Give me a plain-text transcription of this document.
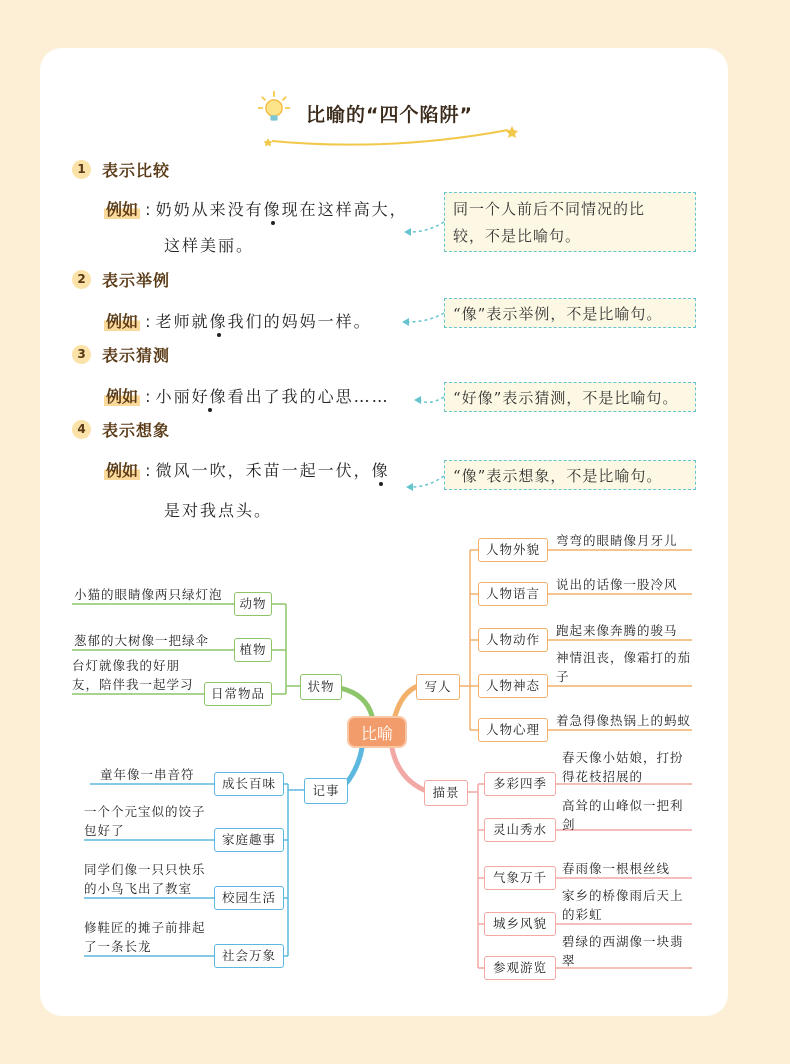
比喻的“四个陷阱”
1	表示比较
例如 : 奶奶从来没有像现在这样高大，
这样美丽。
同一个人前后不同情况的比
较，不是比喻句。
2	表示举例
例如 : 老师就像我们的妈妈一样。	“像”表示举例，不是比喻句。
3	表示猜测
例如 : 小丽好像看出了我的心思……	“好像”表示猜测，不是比喻句。
4	表示想象
例如 : 微风一吹，禾苗一起一伏，像
是对我点头。
“像”表示想象，不是比喻句。
比喻
状物
动物
植物
日常物品
小猫的眼睛像两只绿灯泡
葱郁的大树像一把绿伞
台灯就像我的好朋友，陪伴我一起学习	写人
人物外貌
人物语言
人物动作
人物神态
人物心理
弯弯的眼睛像月牙儿
说出的话像一股冷风
跑起来像奔腾的骏马
神情沮丧，像霜打的茄子
着急得像热锅上的蚂蚁
记事
成长百味
家庭趣事
校园生活
社会万象
童年像一串音符
一个个元宝似的饺子包好了
同学们像一只只快乐的小鸟飞出了教室
修鞋匠的摊子前排起了一条长龙
描景
多彩四季
灵山秀水
气象万千
城乡风貌
参观游览
春天像小姑娘，打扮得花枝招展的
高耸的山峰似一把利剑
春雨像一根根丝线
家乡的桥像雨后天上的彩虹
碧绿的西湖像一块翡翠
